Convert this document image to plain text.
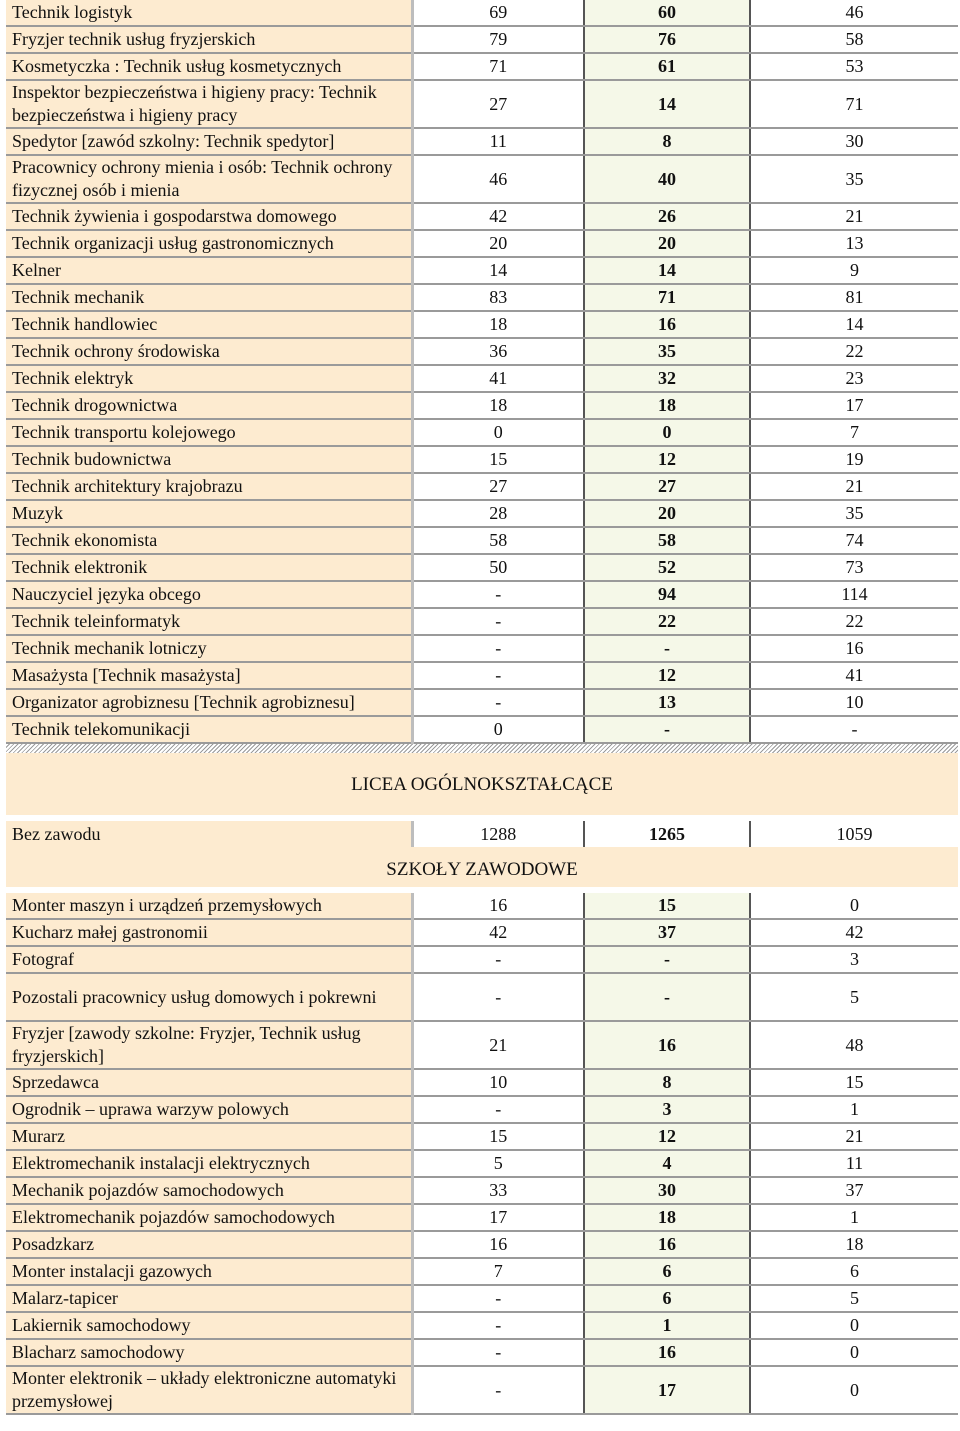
Technik logistyk	69	60	46
Fryzjer technik usług fryzjerskich	79	76	58
Kosmetyczka : Technik usług kosmetycznych	71	61	53
Inspektor bezpieczeństwa i higieny pracy: Technik bezpieczeństwa i higieny pracy	27	14	71
Spedytor [zawód szkolny: Technik spedytor]	11	8	30
Pracownicy ochrony mienia i osób: Technik ochrony fizycznej osób i mienia	46	40	35
Technik żywienia i gospodarstwa domowego	42	26	21
Technik organizacji usług gastronomicznych	20	20	13
Kelner	14	14	9
Technik mechanik	83	71	81
Technik handlowiec	18	16	14
Technik ochrony środowiska	36	35	22
Technik elektryk	41	32	23
Technik drogownictwa	18	18	17
Technik transportu kolejowego	0	0	7
Technik budownictwa	15	12	19
Technik architektury krajobrazu	27	27	21
Muzyk	28	20	35
Technik ekonomista	58	58	74
Technik elektronik	50	52	73
Nauczyciel języka obcego	-	94	114
Technik teleinformatyk	-	22	22
Technik mechanik lotniczy	-	-	16
Masażysta [Technik masażysta]	-	12	41
Organizator agrobiznesu [Technik agrobiznesu]	-	13	10
Technik telekomunikacji	0	-	-

LICEA OGÓLNOKSZTAŁCĄCE			

Bez zawodu	1288	1265	1059
SZKOŁY ZAWODOWE			

Monter maszyn i urządzeń przemysłowych	16	15	0
Kucharz małej gastronomii	42	37	42
Fotograf	-	-	3
Pozostali pracownicy usług domowych i pokrewni	-	-	5
Fryzjer [zawody szkolne: Fryzjer, Technik usług fryzjerskich]	21	16	48
Sprzedawca	10	8	15
Ogrodnik – uprawa warzyw polowych	-	3	1
Murarz	15	12	21
Elektromechanik instalacji elektrycznych	5	4	11
Mechanik pojazdów samochodowych	33	30	37
Elektromechanik pojazdów samochodowych	17	18	1
Posadzkarz	16	16	18
Monter instalacji gazowych	7	6	6
Malarz-tapicer	-	6	5
Lakiernik samochodowy	-	1	0
Blacharz samochodowy	-	16	0
Monter elektronik – układy elektroniczne automatyki przemysłowej	-	17	0
